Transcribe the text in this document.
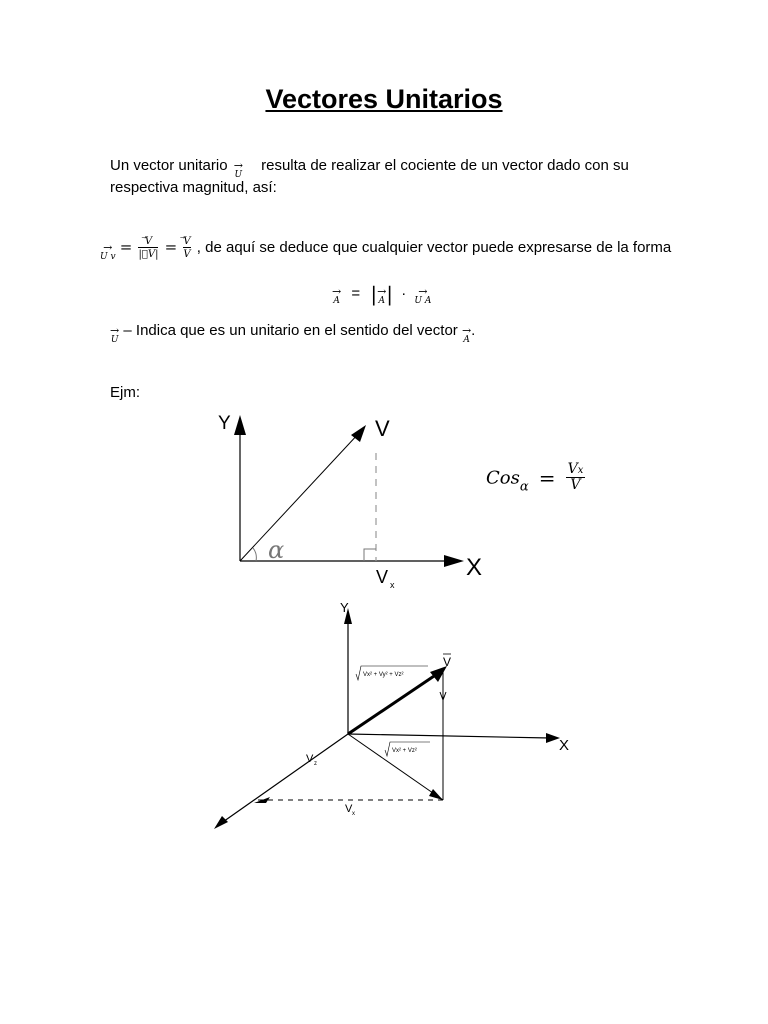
Vectores Unitarios
Un vector unitario →
U
resulta de realizar el cociente de un vector dado con su
respectiva magnitud, así:
→
U v
= $\frac{V}{|⃗V|} = \frac{V}{V}$ , de aquí se deduce que cualquier vector puede expresarse de la forma
→
A = | →
A | ·	→
U A
→
U
– Indica que es un unitario en el sentido del vector →
A
.
Ejm:
α
Y
X
V
V x
$Cos_\alpha = \frac{Vx}{V}$
Y
X
V
V z
V x
Vx² + Vy² + Vz²
Vx² + Vz²
